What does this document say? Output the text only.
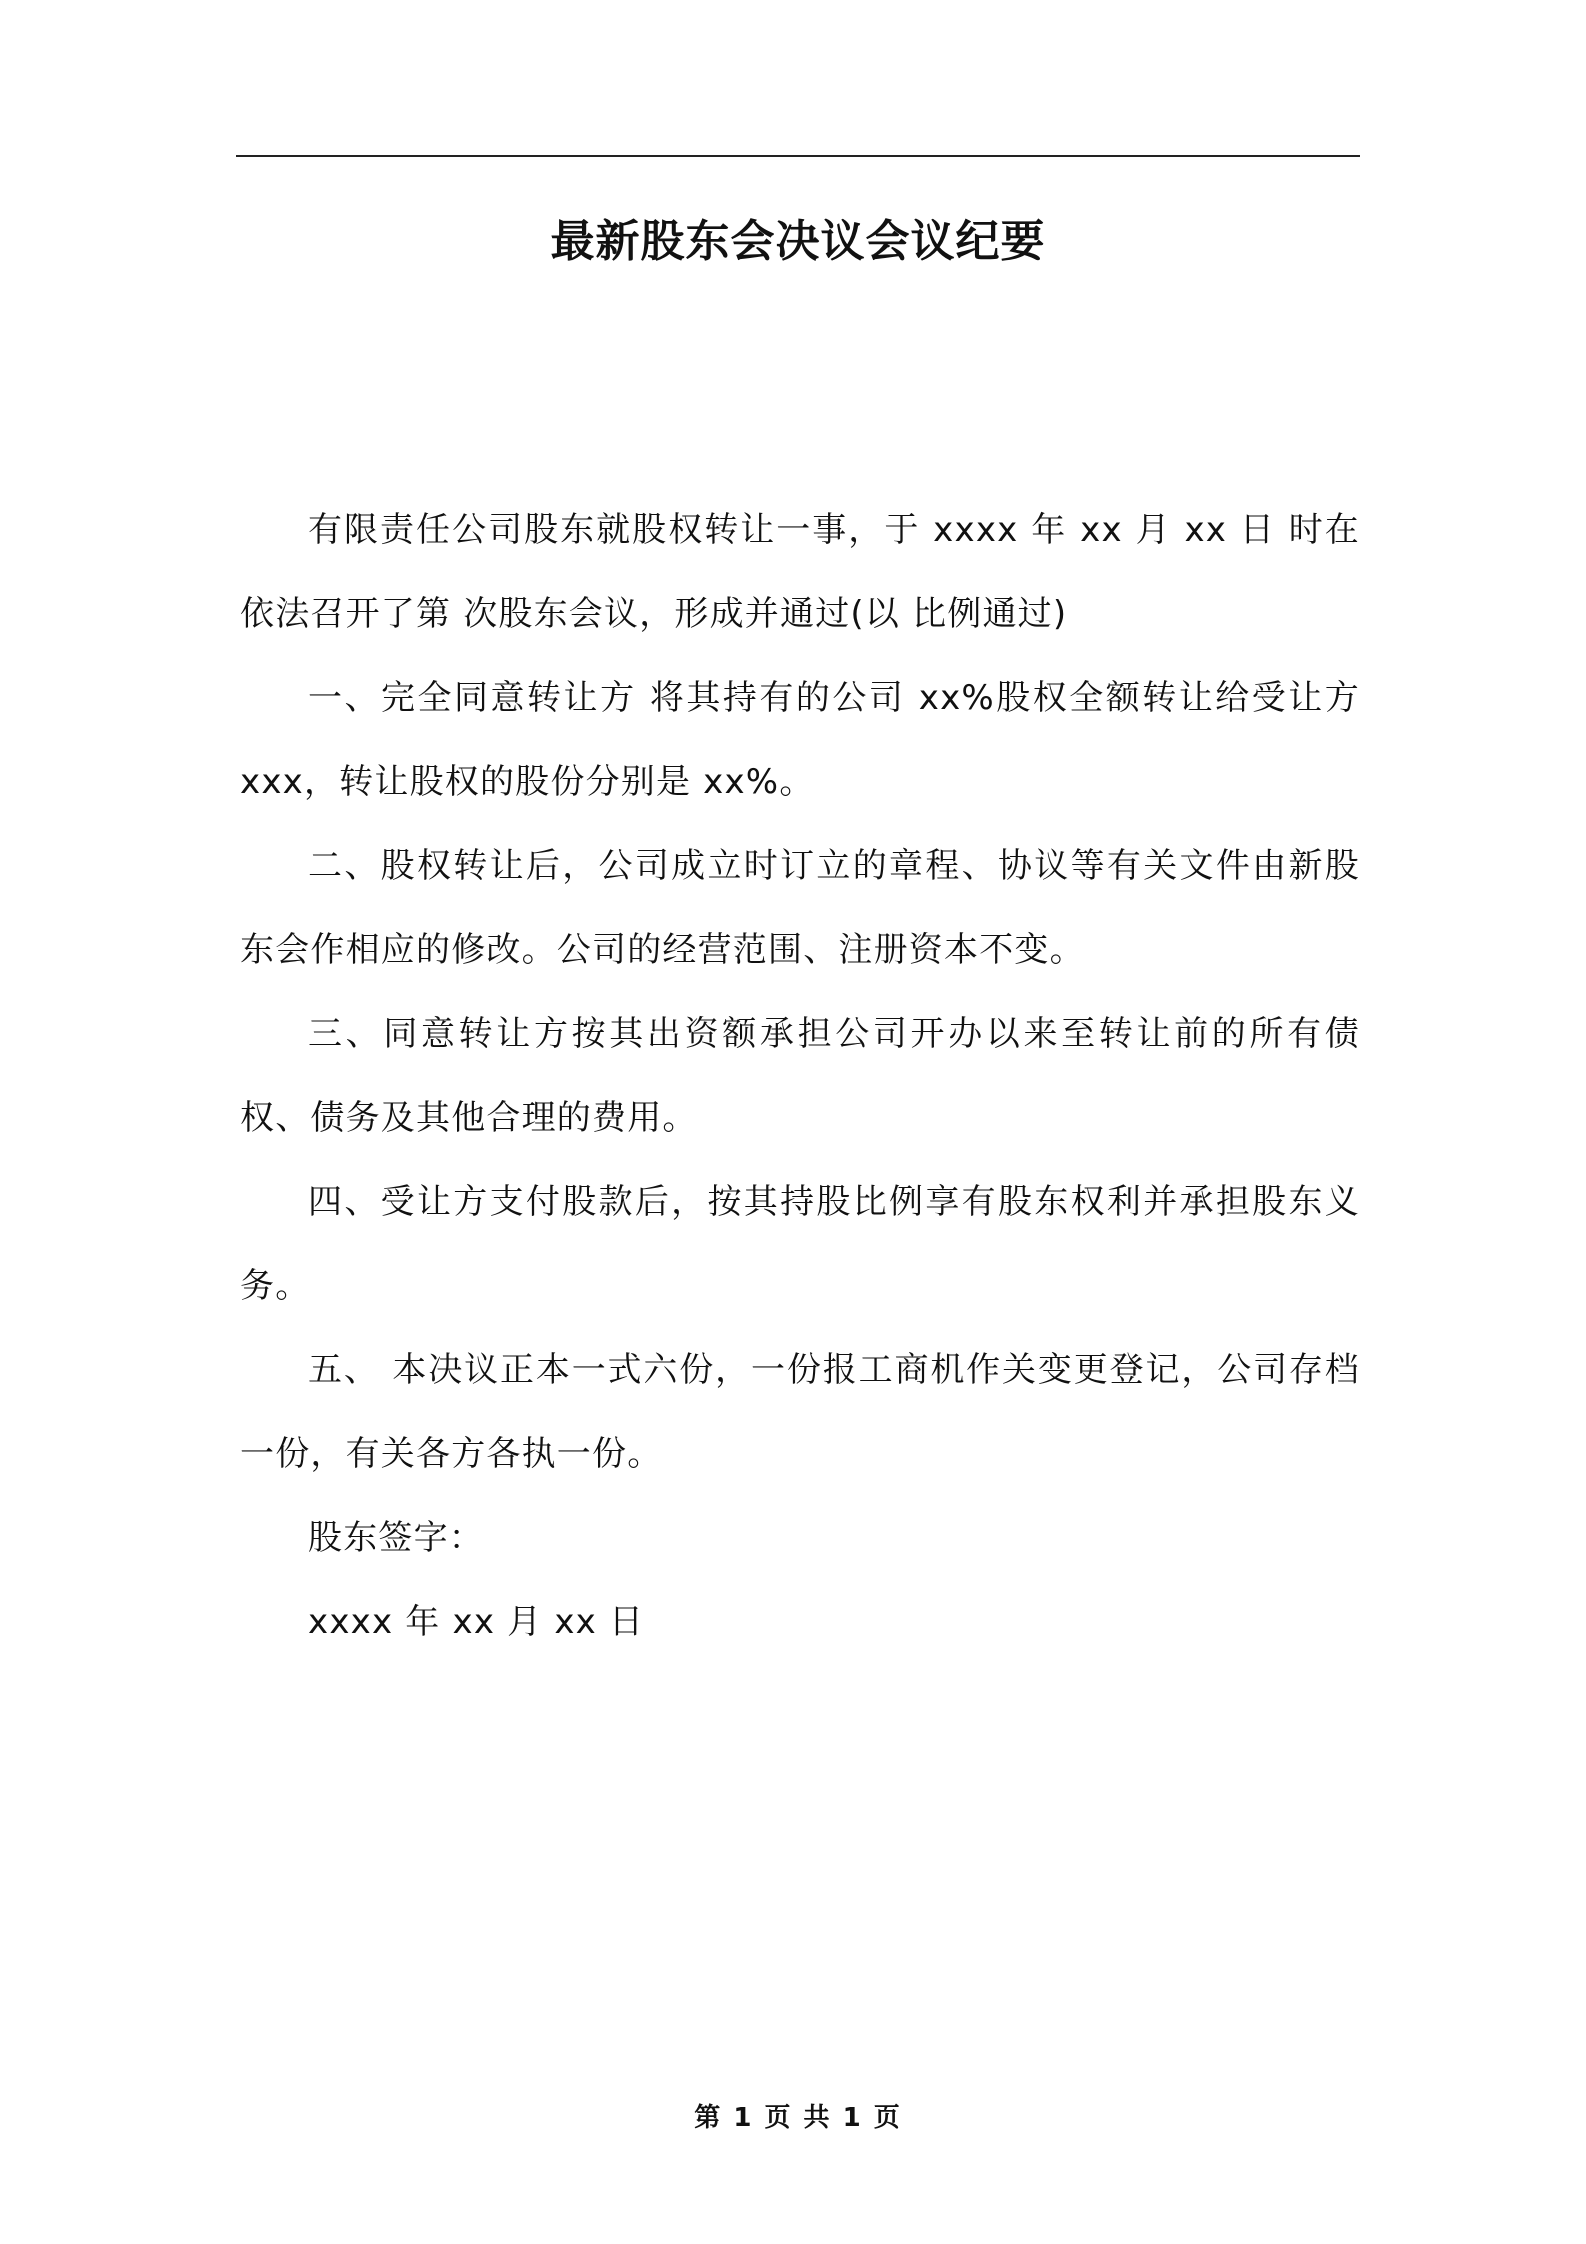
最新股东会决议会议纪要

有限责任公司股东就股权转让一事，于 xxxx 年 xx 月 xx 日 时在 依法召开了第 次股东会议，形成并通过(以 比例通过)

一、完全同意转让方 将其持有的公司 xx%股权全额转让给受让方 xxx，转让股权的股份分别是 xx%。

二、股权转让后，公司成立时订立的章程、协议等有关文件由新股东会作相应的修改。公司的经营范围、注册资本不变。

三、同意转让方按其出资额承担公司开办以来至转让前的所有债权、债务及其他合理的费用。

四、受让方支付股款后，按其持股比例享有股东权利并承担股东义务。

五、 本决议正本一式六份，一份报工商机作关变更登记，公司存档一份，有关各方各执一份。

股东签字：

xxxx 年 xx 月 xx 日

第 1 页 共 1 页
